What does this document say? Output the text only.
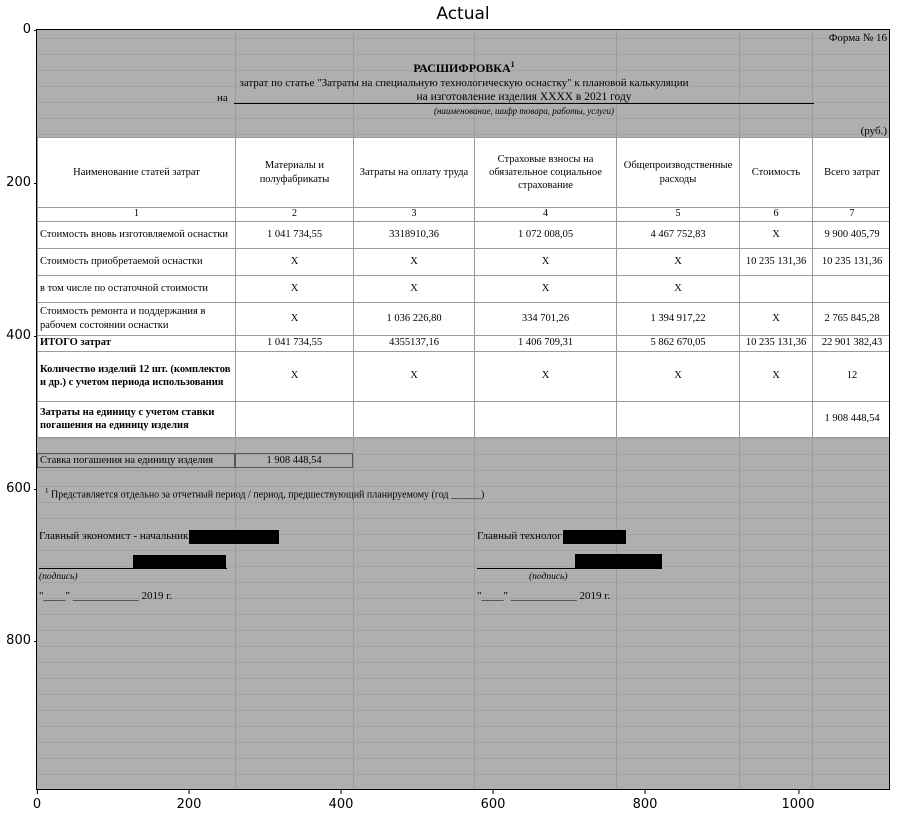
Actual
0
200
400
600
800
0	200	400	600	800	1000
Форма № 16
РАСШИФРОВКА$^1$
затрат по статье "Затраты на специальную технологическую оснастку" к плановой калькуляции
на	на изготовление изделия XXXX в 2021 году
(наименование, шифр товара, работы, услуги)
(руб.)
Наименование статей затрат	Материалы и полуфабрикаты	Затраты на оплату труда	Страховые взносы на обязательное социальное страхование	Общепроизводственные расходы	Стоимость	Всего затрат
1	2	3	4	5	6	7
Стоимость вновь изготовляемой оснастки	1 041 734,55	3318910,36	1 072 008,05	4 467 752,83	X	9 900 405,79
Стоимость приобретаемой оснастки	X	X	X	X	10 235 131,36	10 235 131,36
в том числе по остаточной стоимости	X	X	X	X		
Стоимость ремонта и поддержания в рабочем состоянии оснастки	X	1 036 226,80	334 701,26	1 394 917,22	X	2 765 845,28
ИТОГО затрат	1 041 734,55	4355137,16	1 406 709,31	5 862 670,05	10 235 131,36	22 901 382,43
Количество изделий 12 шт. (комплектов и др.) с учетом периода использования	X	X	X	X	X	12
Затраты на единицу с учетом ставки погашения на единицу изделия						1 908 448,54
Ставка погашения на единицу изделия	1 908 448,54
$^1$ Представляется отдельно за отчетный период / период, предшествующий планируемому (год ______)
Главный экономист - начальник
(подпись)
"____" ____________ 2019 г.
Главный технолог
(подпись)
"____" ____________ 2019 г.
